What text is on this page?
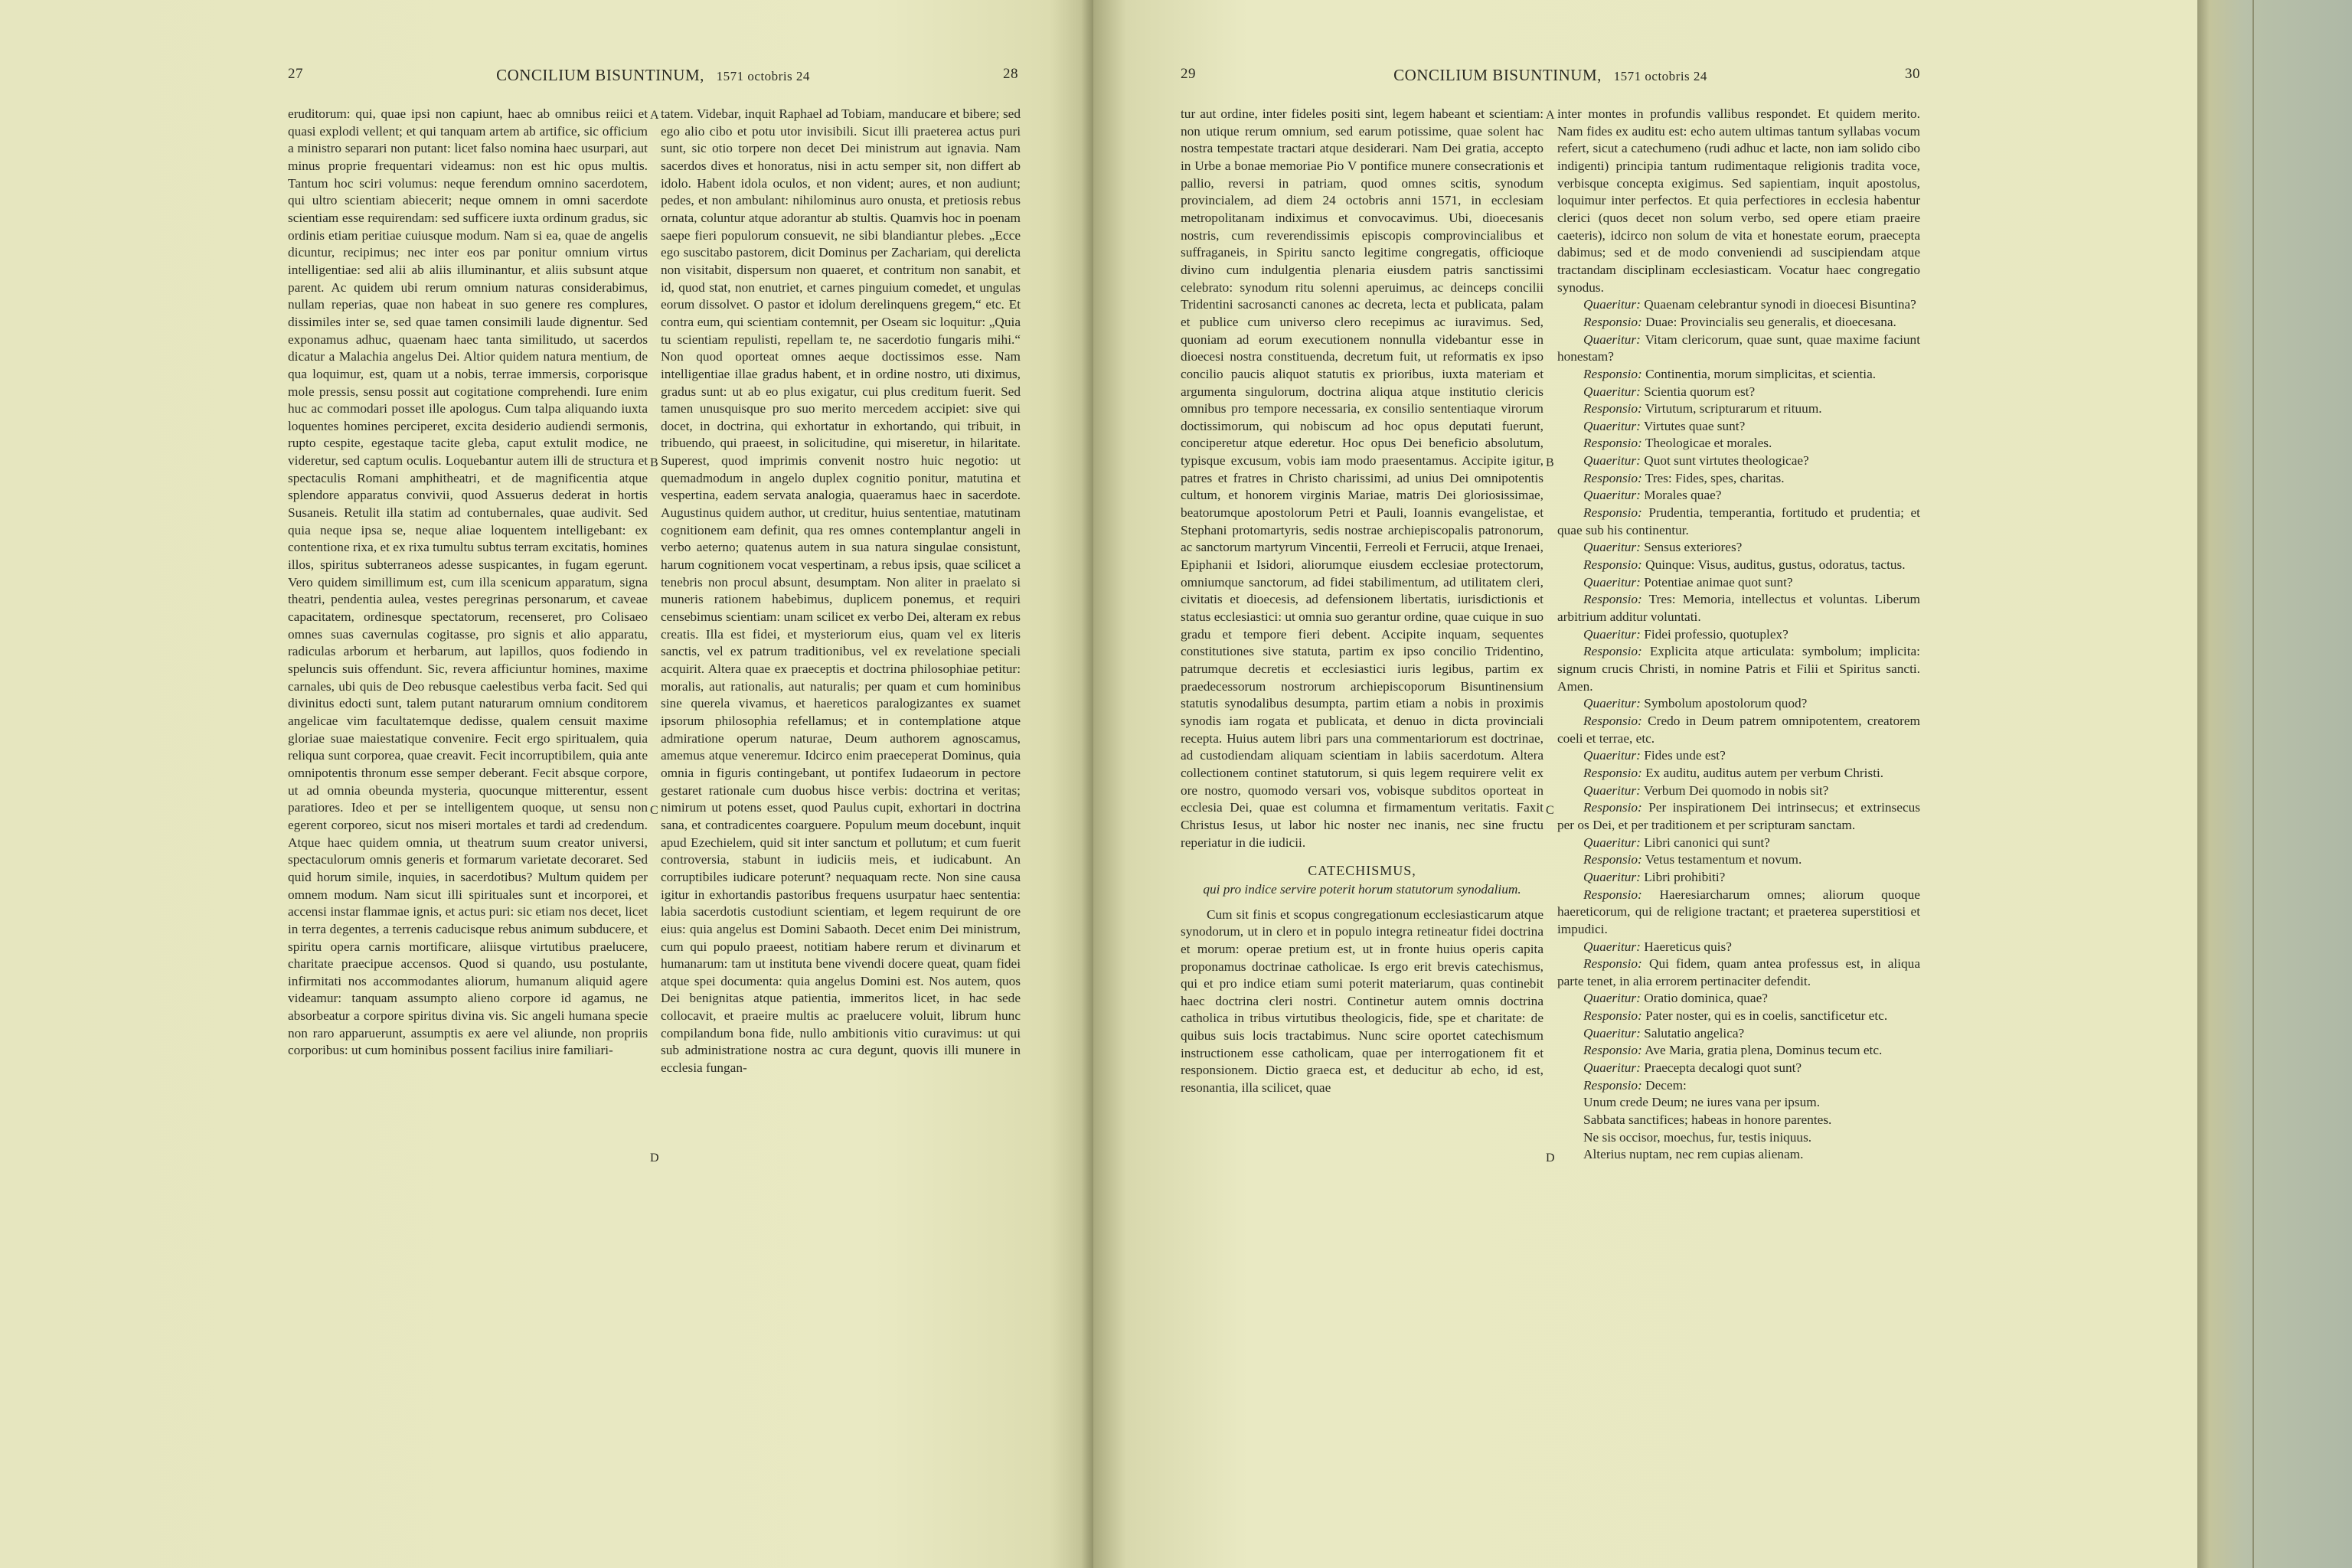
27	CONCILIUM BISUNTINUM, 1571 octobris 24	28

eruditorum: qui, quae ipsi non capiunt, haec ab omnibus reiici et quasi explodi vellent; et qui tanquam artem ab artifice, sic officium a ministro separari non putant: licet falso nomina haec usurpari, aut minus proprie frequentari videamus: non est hic opus multis. Tantum hoc sciri volumus: neque ferendum omnino sacerdotem, qui ultro scientiam abiecerit; neque omnem in omni sacerdote scientiam esse requirendam: sed sufficere iuxta ordinum gradus, sic ordinis etiam peritiae cuiusque modum. Nam si ea, quae de angelis dicuntur, recipimus; nec inter eos par ponitur omnium virtus intelligentiae: sed alii ab aliis illuminantur, et aliis subsunt atque parent. Ac quidem ubi rerum omnium naturas considerabimus, nullam reperias, quae non habeat in suo genere res complures, dissimiles inter se, sed quae tamen consimili laude dignentur. Sed exponamus adhuc, quaenam haec tanta similitudo, ut sacerdos dicatur a Malachia angelus Dei. Altior quidem natura mentium, de qua loquimur, est, quam ut a nobis, terrae immersis, corporisque mole pressis, sensu possit aut cogitatione comprehendi. Iure enim huc ac commodari posset ille apologus. Cum talpa aliquando iuxta loquentes homines perciperet, excita desiderio audiendi sermonis, rupto cespite, egestaque tacite gleba, caput extulit modice, ne videretur, sed captum oculis. Loquebantur autem illi de structura et spectaculis Romani amphitheatri, et de magnificentia atque splendore apparatus convivii, quod Assuerus dederat in hortis Susaneis. Retulit illa statim ad contubernales, quae audivit. Sed quia neque ipsa se, neque aliae loquentem intelligebant: ex contentione rixa, et ex rixa tumultu subtus terram excitatis, homines illos, spiritus subterraneos adesse suspicantes, in fugam egerunt. Vero quidem simillimum est, cum illa scenicum apparatum, signa theatri, pendentia aulea, vestes peregrinas personarum, et caveae capacitatem, ordinesque spectatorum, recenseret, pro Colisaeo omnes suas cavernulas cogitasse, pro signis et alio apparatu, radiculas arborum et herbarum, aut lapillos, quos fodiendo in speluncis suis offendunt. Sic, revera afficiuntur homines, maxime carnales, ubi quis de Deo rebusque caelestibus verba facit. Sed qui divinitus edocti sunt, talem putant naturarum omnium conditorem angelicae vim facultatemque dedisse, qualem censuit maxime gloriae suae maiestatique convenire. Fecit ergo spiritualem, quia reliqua sunt corporea, quae creavit. Fecit incorruptibilem, quia ante omnipotentis thronum esse semper deberant. Fecit absque corpore, ut ad omnia obeunda mysteria, quocunque mitterentur, essent paratiores. Ideo et per se intelligentem quoque, ut sensu non egerent corporeo, sicut nos miseri mortales et tardi ad credendum. Atque haec quidem omnia, ut theatrum suum creator universi, spectaculorum omnis generis et formarum varietate decoraret. Sed quid horum simile, inquies, in sacerdotibus? Multum quidem per omnem modum. Nam sicut illi spirituales sunt et incorporei, et accensi instar flammae ignis, et actus puri: sic etiam nos decet, licet in terra degentes, a terrenis caducisque rebus animum subducere, et spiritu opera carnis mortificare, aliisque virtutibus praelucere, charitate praecipue accensos. Quod si quando, usu postulante, infirmitati nos accommodantes aliorum, humanum aliquid agere videamur: tanquam assumpto alieno corpore id agamus, ne absorbeatur a corpore spiritus divina vis. Sic angeli humana specie non raro apparuerunt, assumptis ex aere vel aliunde, non propriis corporibus: ut cum hominibus possent facilius inire familiari-

tatem. Videbar, inquit Raphael ad Tobiam, manducare et bibere; sed ego alio cibo et potu utor invisibili. Sicut illi praeterea actus puri sunt, sic otio torpere non decet Dei ministrum aut ignavia. Nam sacerdos dives et honoratus, nisi in actu semper sit, non differt ab idolo. Habent idola oculos, et non vident; aures, et non audiunt; pedes, et non ambulant: nihilominus auro onusta, et pretiosis rebus ornata, coluntur atque adorantur ab stultis. Quamvis hoc in poenam saepe fieri populorum consuevit, ne sibi blandiantur plebes. „Ecce ego suscitabo pastorem, dicit Dominus per Zachariam, qui derelicta non visitabit, dispersum non quaeret, et contritum non sanabit, et id, quod stat, non enutriet, et carnes pinguium comedet, et ungulas eorum dissolvet. O pastor et idolum derelinquens gregem,“ etc. Et contra eum, qui scientiam contemnit, per Oseam sic loquitur: „Quia tu scientiam repulisti, repellam te, ne sacerdotio fungaris mihi.“ Non quod oporteat omnes aeque doctissimos esse. Nam intelligentiae illae gradus habent, et in ordine nostro, uti diximus, gradus sunt: ut ab eo plus exigatur, cui plus creditum fuerit. Sed tamen unusquisque pro suo merito mercedem accipiet: sive qui docet, in doctrina, qui exhortatur in exhortando, qui tribuit, in tribuendo, qui praeest, in solicitudine, qui miseretur, in hilaritate. Superest, quod imprimis convenit nostro huic negotio: ut quemadmodum in angelo duplex cognitio ponitur, matutina et vespertina, eadem servata analogia, quaeramus haec in sacerdote. Augustinus quidem author, ut creditur, huius sententiae, matutinam cognitionem eam definit, qua res omnes contemplantur angeli in verbo aeterno; quatenus autem in sua natura singulae consistunt, harum cognitionem vocat vespertinam, a rebus ipsis, quae scilicet a tenebris non procul absunt, desumptam. Non aliter in praelato si muneris rationem habebimus, duplicem ponemus, et requiri censebimus scientiam: unam scilicet ex verbo Dei, alteram ex rebus creatis. Illa est fidei, et mysteriorum eius, quam vel ex literis sanctis, vel ex patrum traditionibus, vel ex revelatione speciali acquirit. Altera quae ex praeceptis et doctrina philosophiae petitur: moralis, aut rationalis, aut naturalis; per quam et cum hominibus sine querela vivamus, et haereticos paralogizantes ex suamet ipsorum philosophia refellamus; et in contemplatione atque admiratione operum naturae, Deum authorem agnoscamus, amemus atque veneremur. Idcirco enim praeceperat Dominus, quia omnia in figuris contingebant, ut pontifex Iudaeorum in pectore gestaret rationale cum duobus hisce verbis: doctrina et veritas; nimirum ut potens esset, quod Paulus cupit, exhortari in doctrina sana, et contradicentes coarguere. Populum meum docebunt, inquit apud Ezechielem, quid sit inter sanctum et pollutum; et cum fuerit controversia, stabunt in iudiciis meis, et iudicabunt. An corruptibiles iudicare poterunt? nequaquam recte. Non sine causa igitur in exhortandis pastoribus frequens usurpatur haec sententia: labia sacerdotis custodiunt scientiam, et legem requirunt de ore eius: quia angelus est Domini Sabaoth. Decet enim Dei ministrum, cum qui populo praeest, notitiam habere rerum et divinarum et humanarum: tam ut instituta bene vivendi docere queat, quam fidei atque spei documenta: quia angelus Domini est. Nos autem, quos Dei benignitas atque patientia, immeritos licet, in hac sede collocavit, et praeire multis ac praelucere voluit, librum hunc compilandum bona fide, nullo ambitionis vitio curavimus: ut qui sub administratione nostra ac cura degunt, quovis illi munere in ecclesia fungan-

A
B
C
D
29	CONCILIUM BISUNTINUM, 1571 octobris 24	30

tur aut ordine, inter fideles positi sint, legem habeant et scientiam: non utique rerum omnium, sed earum potissime, quae solent hac nostra tempestate tractari atque desiderari. Nam Dei gratia, accepto in Urbe a bonae memoriae Pio V pontifice munere consecrationis et pallio, reversi in patriam, quod omnes scitis, synodum provincialem, ad diem 24 octobris anni 1571, in ecclesiam metropolitanam indiximus et convocavimus. Ubi, dioecesanis nostris, cum reverendissimis episcopis comprovincialibus et suffraganeis, in Spiritu sancto legitime congregatis, officioque divino cum indulgentia plenaria eiusdem patris sanctissimi celebrato: synodum ritu solenni aperuimus, ac deinceps concilii Tridentini sacrosancti canones ac decreta, lecta et publicata, palam et publice cum universo clero recepimus ac iuravimus. Sed, quoniam ad eorum executionem nonnulla videbantur esse in dioecesi nostra constituenda, decretum fuit, ut reformatis ex ipso concilio paucis aliquot statutis ex prioribus, iuxta materiam et argumenta singulorum, doctrina aliqua atque institutio clericis omnibus pro tempore necessaria, ex consilio sententiaque virorum doctissimorum, qui nobiscum ad hoc opus deputati fuerunt, conciperetur atque ederetur. Hoc opus Dei beneficio absolutum, typisque excusum, vobis iam modo praesentamus. Accipite igitur, patres et fratres in Christo charissimi, ad unius Dei omnipotentis cultum, et honorem virginis Mariae, matris Dei gloriosissimae, beatorumque apostolorum Petri et Pauli, Ioannis evangelistae, et Stephani protomartyris, sedis nostrae archiepiscopalis patronorum, ac sanctorum martyrum Vincentii, Ferreoli et Ferrucii, atque Irenaei, Epiphanii et Isidori, aliorumque eiusdem ecclesiae protectorum, omniumque sanctorum, ad fidei stabilimentum, ad utilitatem cleri, civitatis et dioecesis, ad defensionem libertatis, iurisdictionis et status ecclesiastici: ut omnia suo gerantur ordine, quae cuique in suo gradu et tempore fieri debent. Accipite inquam, sequentes constitutiones sive statuta, partim ex ipso concilio Tridentino, patrumque decretis et ecclesiastici iuris legibus, partim ex praedecessorum nostrorum archiepiscoporum Bisuntinensium statutis synodalibus desumpta, partim etiam a nobis in proximis synodis iam rogata et publicata, et denuo in dicta provinciali recepta. Huius autem libri pars una commentariorum est doctrinae, ad custodiendam aliquam scientiam in labiis sacerdotum. Altera collectionem continet statutorum, si quis legem requirere velit ex ore nostro, quomodo versari vos, vobisque subditos oporteat in ecclesia Dei, quae est columna et firmamentum veritatis. Faxit Christus Iesus, ut labor hic noster nec inanis, nec sine fructu reperiatur in die iudicii.

CATECHISMUS,
qui pro indice servire poterit horum statutorum synodalium.

Cum sit finis et scopus congregationum ecclesiasticarum atque synodorum, ut in clero et in populo integra retineatur fidei doctrina et morum: operae pretium est, ut in fronte huius operis capita proponamus doctrinae catholicae. Is ergo erit brevis catechismus, qui et pro indice etiam sumi poterit materiarum, quas continebit haec doctrina cleri nostri. Continetur autem omnis doctrina catholica in tribus virtutibus theologicis, fide, spe et charitate: de quibus suis locis tractabimus. Nunc scire oportet catechismum instructionem esse catholicam, quae per interrogationem fit et responsionem. Dictio graeca est, et deducitur ab echo, id est, resonantia, illa scilicet, quae

inter montes in profundis vallibus respondet. Et quidem merito. Nam fides ex auditu est: echo autem ultimas tantum syllabas vocum refert, sicut a catechumeno (rudi adhuc et lacte, non iam solido cibo indigenti) principia tantum rudimentaque religionis tradita voce, verbisque concepta exigimus. Sed sapientiam, inquit apostolus, loquimur inter perfectos. Et quia perfectiores in ecclesia habentur clerici (quos decet non solum verbo, sed opere etiam praeire caeteris), idcirco non solum de vita et honestate eorum, praecepta dabimus; sed et de modo conveniendi ad suscipiendam atque tractandam disciplinam ecclesiasticam. Vocatur haec congregatio synodus.

Quaeritur: Quaenam celebrantur synodi in dioecesi Bisuntina?

Responsio: Duae: Provincialis seu generalis, et dioecesana.

Quaeritur: Vitam clericorum, quae sunt, quae maxime faciunt honestam?

Responsio: Continentia, morum simplicitas, et scientia.

Quaeritur: Scientia quorum est?

Responsio: Virtutum, scripturarum et rituum.

Quaeritur: Virtutes quae sunt?

Responsio: Theologicae et morales.

Quaeritur: Quot sunt virtutes theologicae?

Responsio: Tres: Fides, spes, charitas.

Quaeritur: Morales quae?

Responsio: Prudentia, temperantia, fortitudo et prudentia; et quae sub his continentur.

Quaeritur: Sensus exteriores?

Responsio: Quinque: Visus, auditus, gustus, odoratus, tactus.

Quaeritur: Potentiae animae quot sunt?

Responsio: Tres: Memoria, intellectus et voluntas. Liberum arbitrium additur voluntati.

Quaeritur: Fidei professio, quotuplex?

Responsio: Explicita atque articulata: symbolum; implicita: signum crucis Christi, in nomine Patris et Filii et Spiritus sancti. Amen.

Quaeritur: Symbolum apostolorum quod?

Responsio: Credo in Deum patrem omnipotentem, creatorem coeli et terrae, etc.

Quaeritur: Fides unde est?

Responsio: Ex auditu, auditus autem per verbum Christi.

Quaeritur: Verbum Dei quomodo in nobis sit?

Responsio: Per inspirationem Dei intrinsecus; et extrinsecus per os Dei, et per traditionem et per scripturam sanctam.

Quaeritur: Libri canonici qui sunt?

Responsio: Vetus testamentum et novum.

Quaeritur: Libri prohibiti?

Responsio: Haeresiarcharum omnes; aliorum quoque haereticorum, qui de religione tractant; et praeterea superstitiosi et impudici.

Quaeritur: Haereticus quis?

Responsio: Qui fidem, quam antea professus est, in aliqua parte tenet, in alia errorem pertinaciter defendit.

Quaeritur: Oratio dominica, quae?

Responsio: Pater noster, qui es in coelis, sanctificetur etc.

Quaeritur: Salutatio angelica?

Responsio: Ave Maria, gratia plena, Dominus tecum etc.

Quaeritur: Praecepta decalogi quot sunt?

Responsio: Decem:

Unum crede Deum; ne iures vana per ipsum.

Sabbata sanctifices; habeas in honore parentes.

Ne sis occisor, moechus, fur, testis iniquus.

Alterius nuptam, nec rem cupias alienam.

A
B
C
D
